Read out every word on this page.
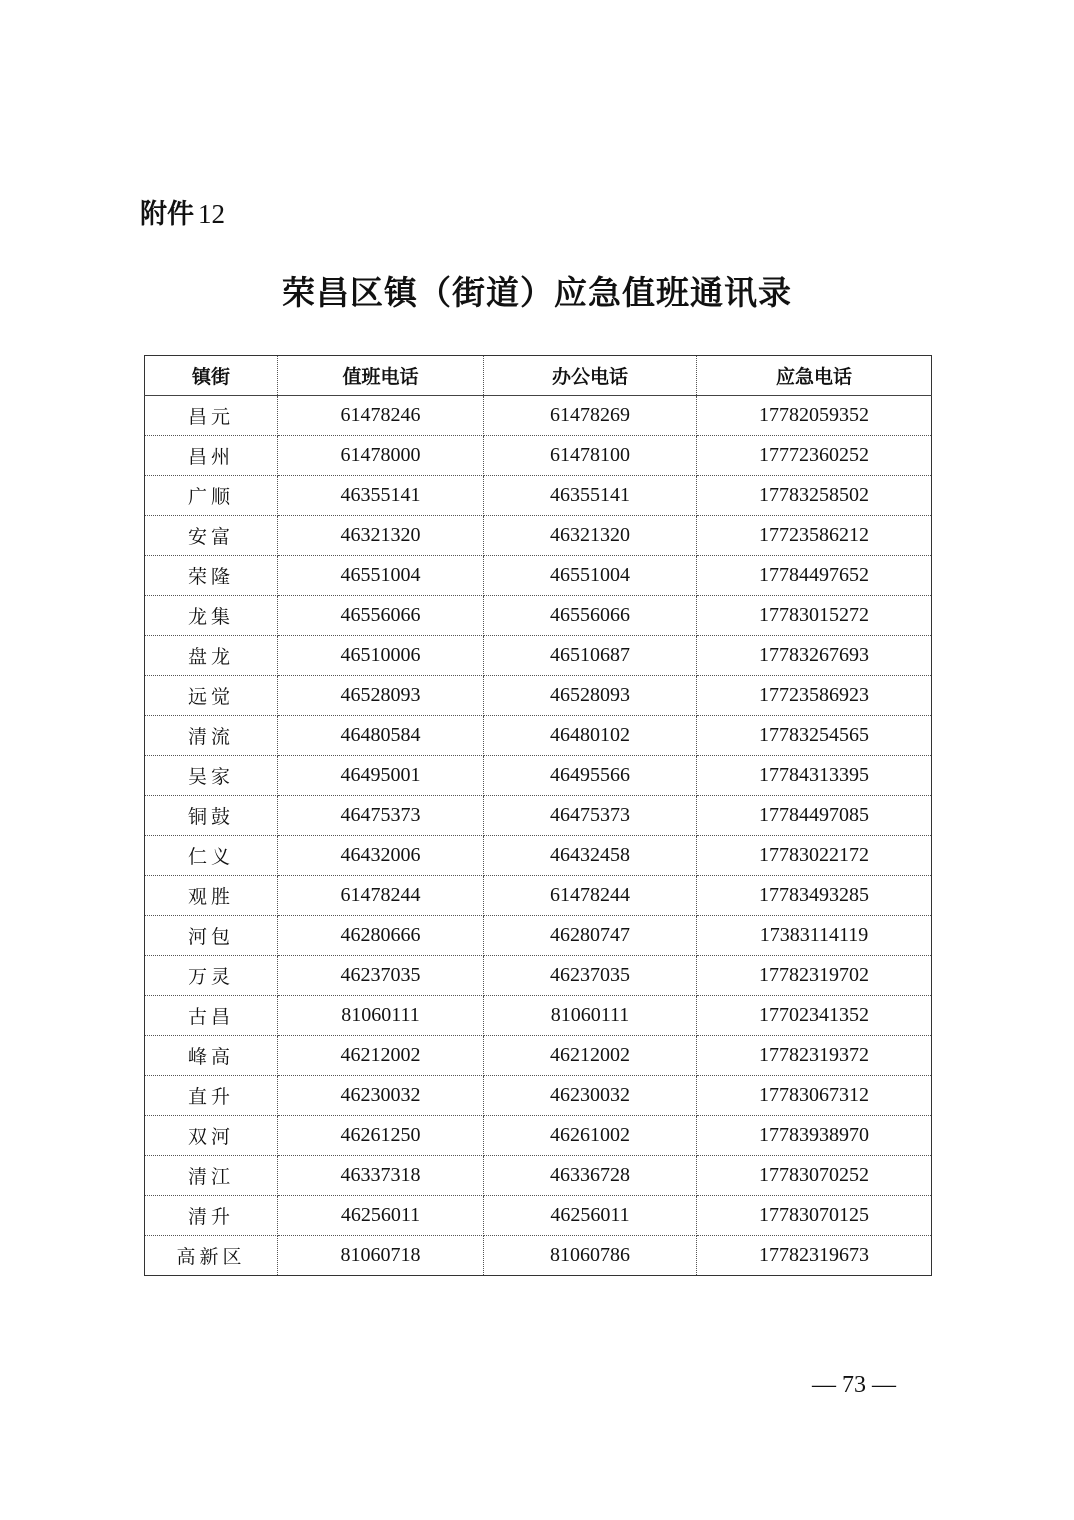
附件 12
荣昌区镇（街道）应急值班通讯录
镇街	值班电话	办公电话	应急电话
昌元	61478246	61478269	17782059352
昌州	61478000	61478100	17772360252
广顺	46355141	46355141	17783258502
安富	46321320	46321320	17723586212
荣隆	46551004	46551004	17784497652
龙集	46556066	46556066	17783015272
盘龙	46510006	46510687	17783267693
远觉	46528093	46528093	17723586923
清流	46480584	46480102	17783254565
吴家	46495001	46495566	17784313395
铜鼓	46475373	46475373	17784497085
仁义	46432006	46432458	17783022172
观胜	61478244	61478244	17783493285
河包	46280666	46280747	17383114119
万灵	46237035	46237035	17782319702
古昌	81060111	81060111	17702341352
峰高	46212002	46212002	17782319372
直升	46230032	46230032	17783067312
双河	46261250	46261002	17783938970
清江	46337318	46336728	17783070252
清升	46256011	46256011	17783070125
高新区	81060718	81060786	17782319673
— 73 —
